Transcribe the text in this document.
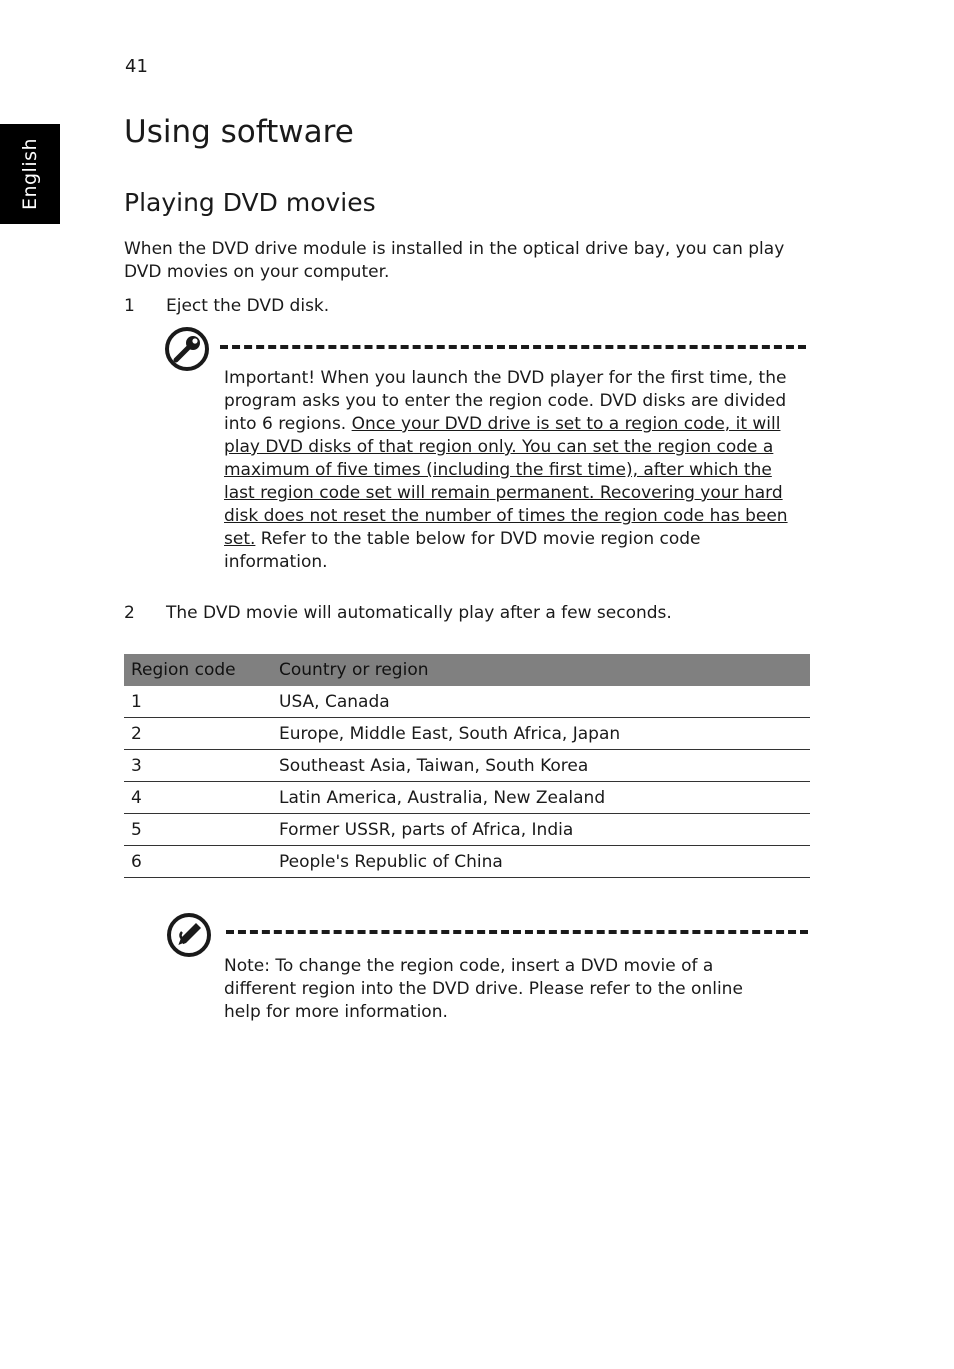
English
41
Using software
Playing DVD movies

When the DVD drive module is installed in the optical drive bay, you can play DVD movies on your computer.

1 Eject the DVD disk.

Important! When you launch the DVD player for the first time, the program asks you to enter the region code. DVD disks are divided into 6 regions. Once your DVD drive is set to a region code, it will play DVD disks of that region only. You can set the region code a maximum of five times (including the first time), after which the last region code set will remain permanent. Recovering your hard disk does not reset the number of times the region code has been set. Refer to the table below for DVD movie region code information.

2 The DVD movie will automatically play after a few seconds.
Region code	Country or region
1	USA, Canada
2	Europe, Middle East, South Africa, Japan
3	Southeast Asia, Taiwan, South Korea
4	Latin America, Australia, New Zealand
5	Former USSR, parts of Africa, India
6	People's Republic of China

Note: To change the region code, insert a DVD movie of a different region into the DVD drive. Please refer to the online help for more information.
